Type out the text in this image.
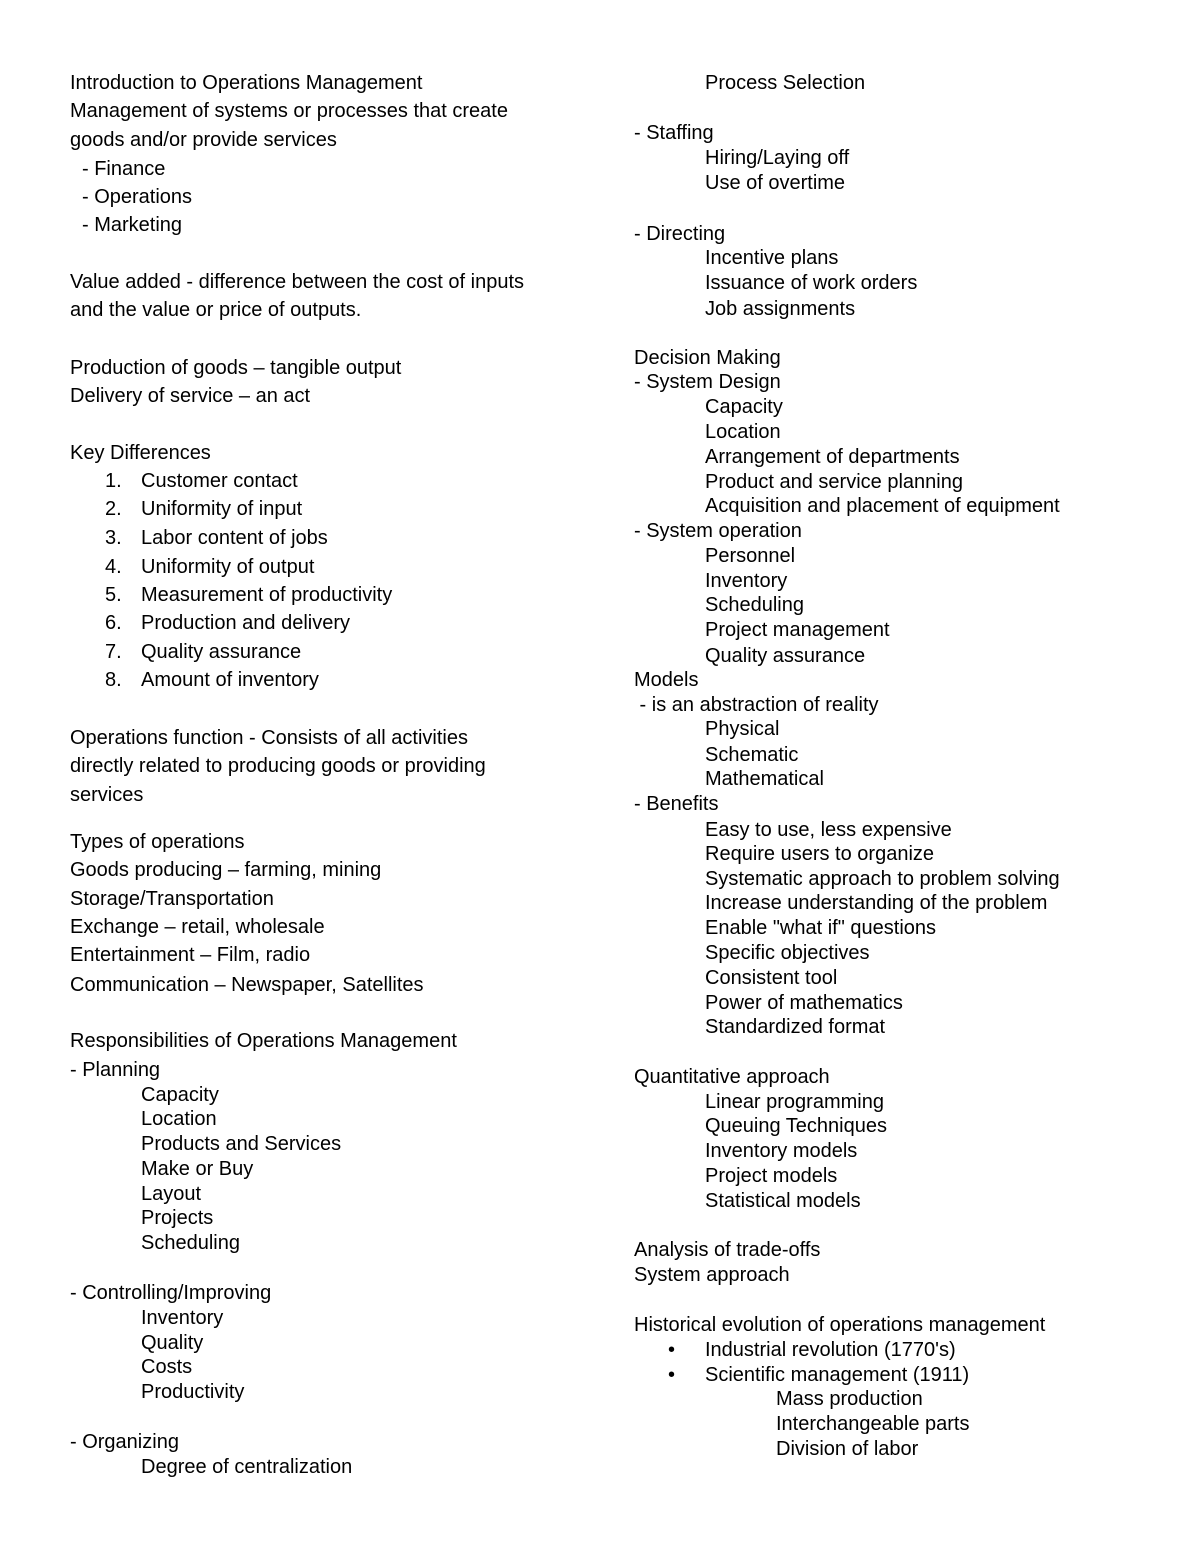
Introduction to Operations Management
Management of systems or processes that create
goods and/or provide services
- Finance
- Operations
- Marketing
Value added - difference between the cost of inputs
and the value or price of outputs.
Production of goods – tangible output
Delivery of service – an act
Key Differences
1. Customer contact
2. Uniformity of input
3. Labor content of jobs
4. Uniformity of output
5. Measurement of productivity
6. Production and delivery
7. Quality assurance
8. Amount of inventory
Operations function - Consists of all activities
directly related to producing goods or providing
services
Types of operations
Goods producing – farming, mining
Storage/Transportation
Exchange – retail, wholesale
Entertainment – Film, radio
Communication – Newspaper, Satellites
Responsibilities of Operations Management
- Planning
Capacity
Location
Products and Services
Make or Buy
Layout
Projects
Scheduling
- Controlling/Improving
Inventory
Quality
Costs
Productivity
- Organizing
Degree of centralization
Process Selection
- Staffing
Hiring/Laying off
Use of overtime
- Directing
Incentive plans
Issuance of work orders
Job assignments
Decision Making
- System Design
Capacity
Location
Arrangement of departments
Product and service planning
Acquisition and placement of equipment
- System operation
Personnel
Inventory
Scheduling
Project management
Quality assurance
Models
- is an abstraction of reality
Physical
Schematic
Mathematical
- Benefits
Easy to use, less expensive
Require users to organize
Systematic approach to problem solving
Increase understanding of the problem
Enable "what if" questions
Specific objectives
Consistent tool
Power of mathematics
Standardized format
Quantitative approach
Linear programming
Queuing Techniques
Inventory models
Project models
Statistical models
Analysis of trade-offs
System approach
Historical evolution of operations management
• Industrial revolution (1770's)
• Scientific management (1911)
Mass production
Interchangeable parts
Division of labor
